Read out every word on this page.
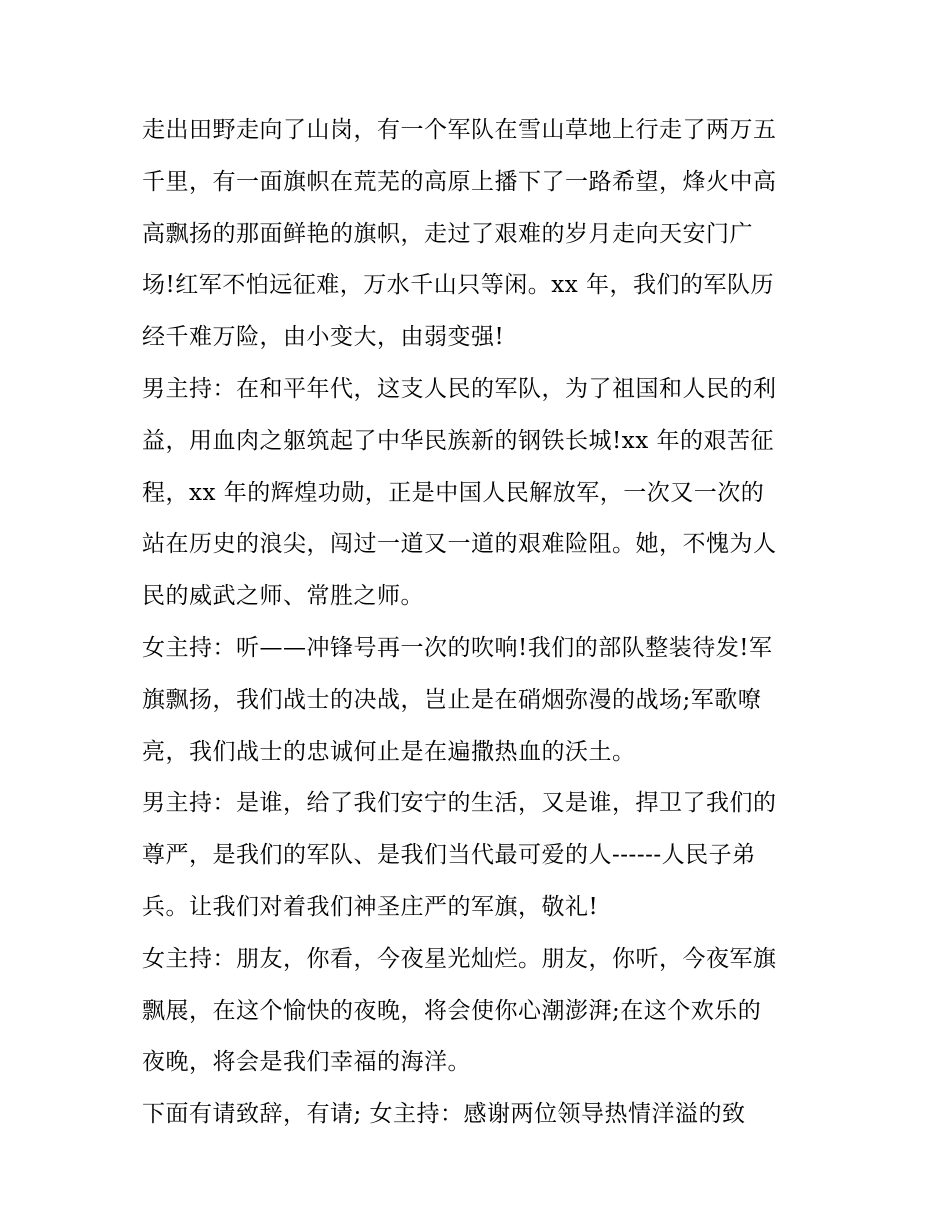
走出田野走向了山岗，有一个军队在雪山草地上行走了两万五
千里，有一面旗帜在荒芜的高原上播下了一路希望，烽火中高
高飘扬的那面鲜艳的旗帜，走过了艰难的岁月走向天安门广
场!红军不怕远征难，万水千山只等闲。xx 年，我们的军队历
经千难万险，由小变大，由弱变强!
男主持：在和平年代，这支人民的军队，为了祖国和人民的利
益，用血肉之躯筑起了中华民族新的钢铁长城!xx 年的艰苦征
程，xx 年的辉煌功勋，正是中国人民解放军，一次又一次的
站在历史的浪尖，闯过一道又一道的艰难险阻。她，不愧为人
民的威武之师、常胜之师。
女主持：听——冲锋号再一次的吹响!我们的部队整装待发!军
旗飘扬，我们战士的决战，岂止是在硝烟弥漫的战场;军歌嘹
亮，我们战士的忠诚何止是在遍撒热血的沃土。
男主持：是谁，给了我们安宁的生活，又是谁，捍卫了我们的
尊严，是我们的军队、是我们当代最可爱的人------人民子弟
兵。让我们对着我们神圣庄严的军旗，敬礼!
女主持：朋友，你看，今夜星光灿烂。朋友，你听，今夜军旗
飘展，在这个愉快的夜晚，将会使你心潮澎湃;在这个欢乐的
夜晚，将会是我们幸福的海洋。
下面有请致辞，有请; 女主持：感谢两位领导热情洋溢的致
